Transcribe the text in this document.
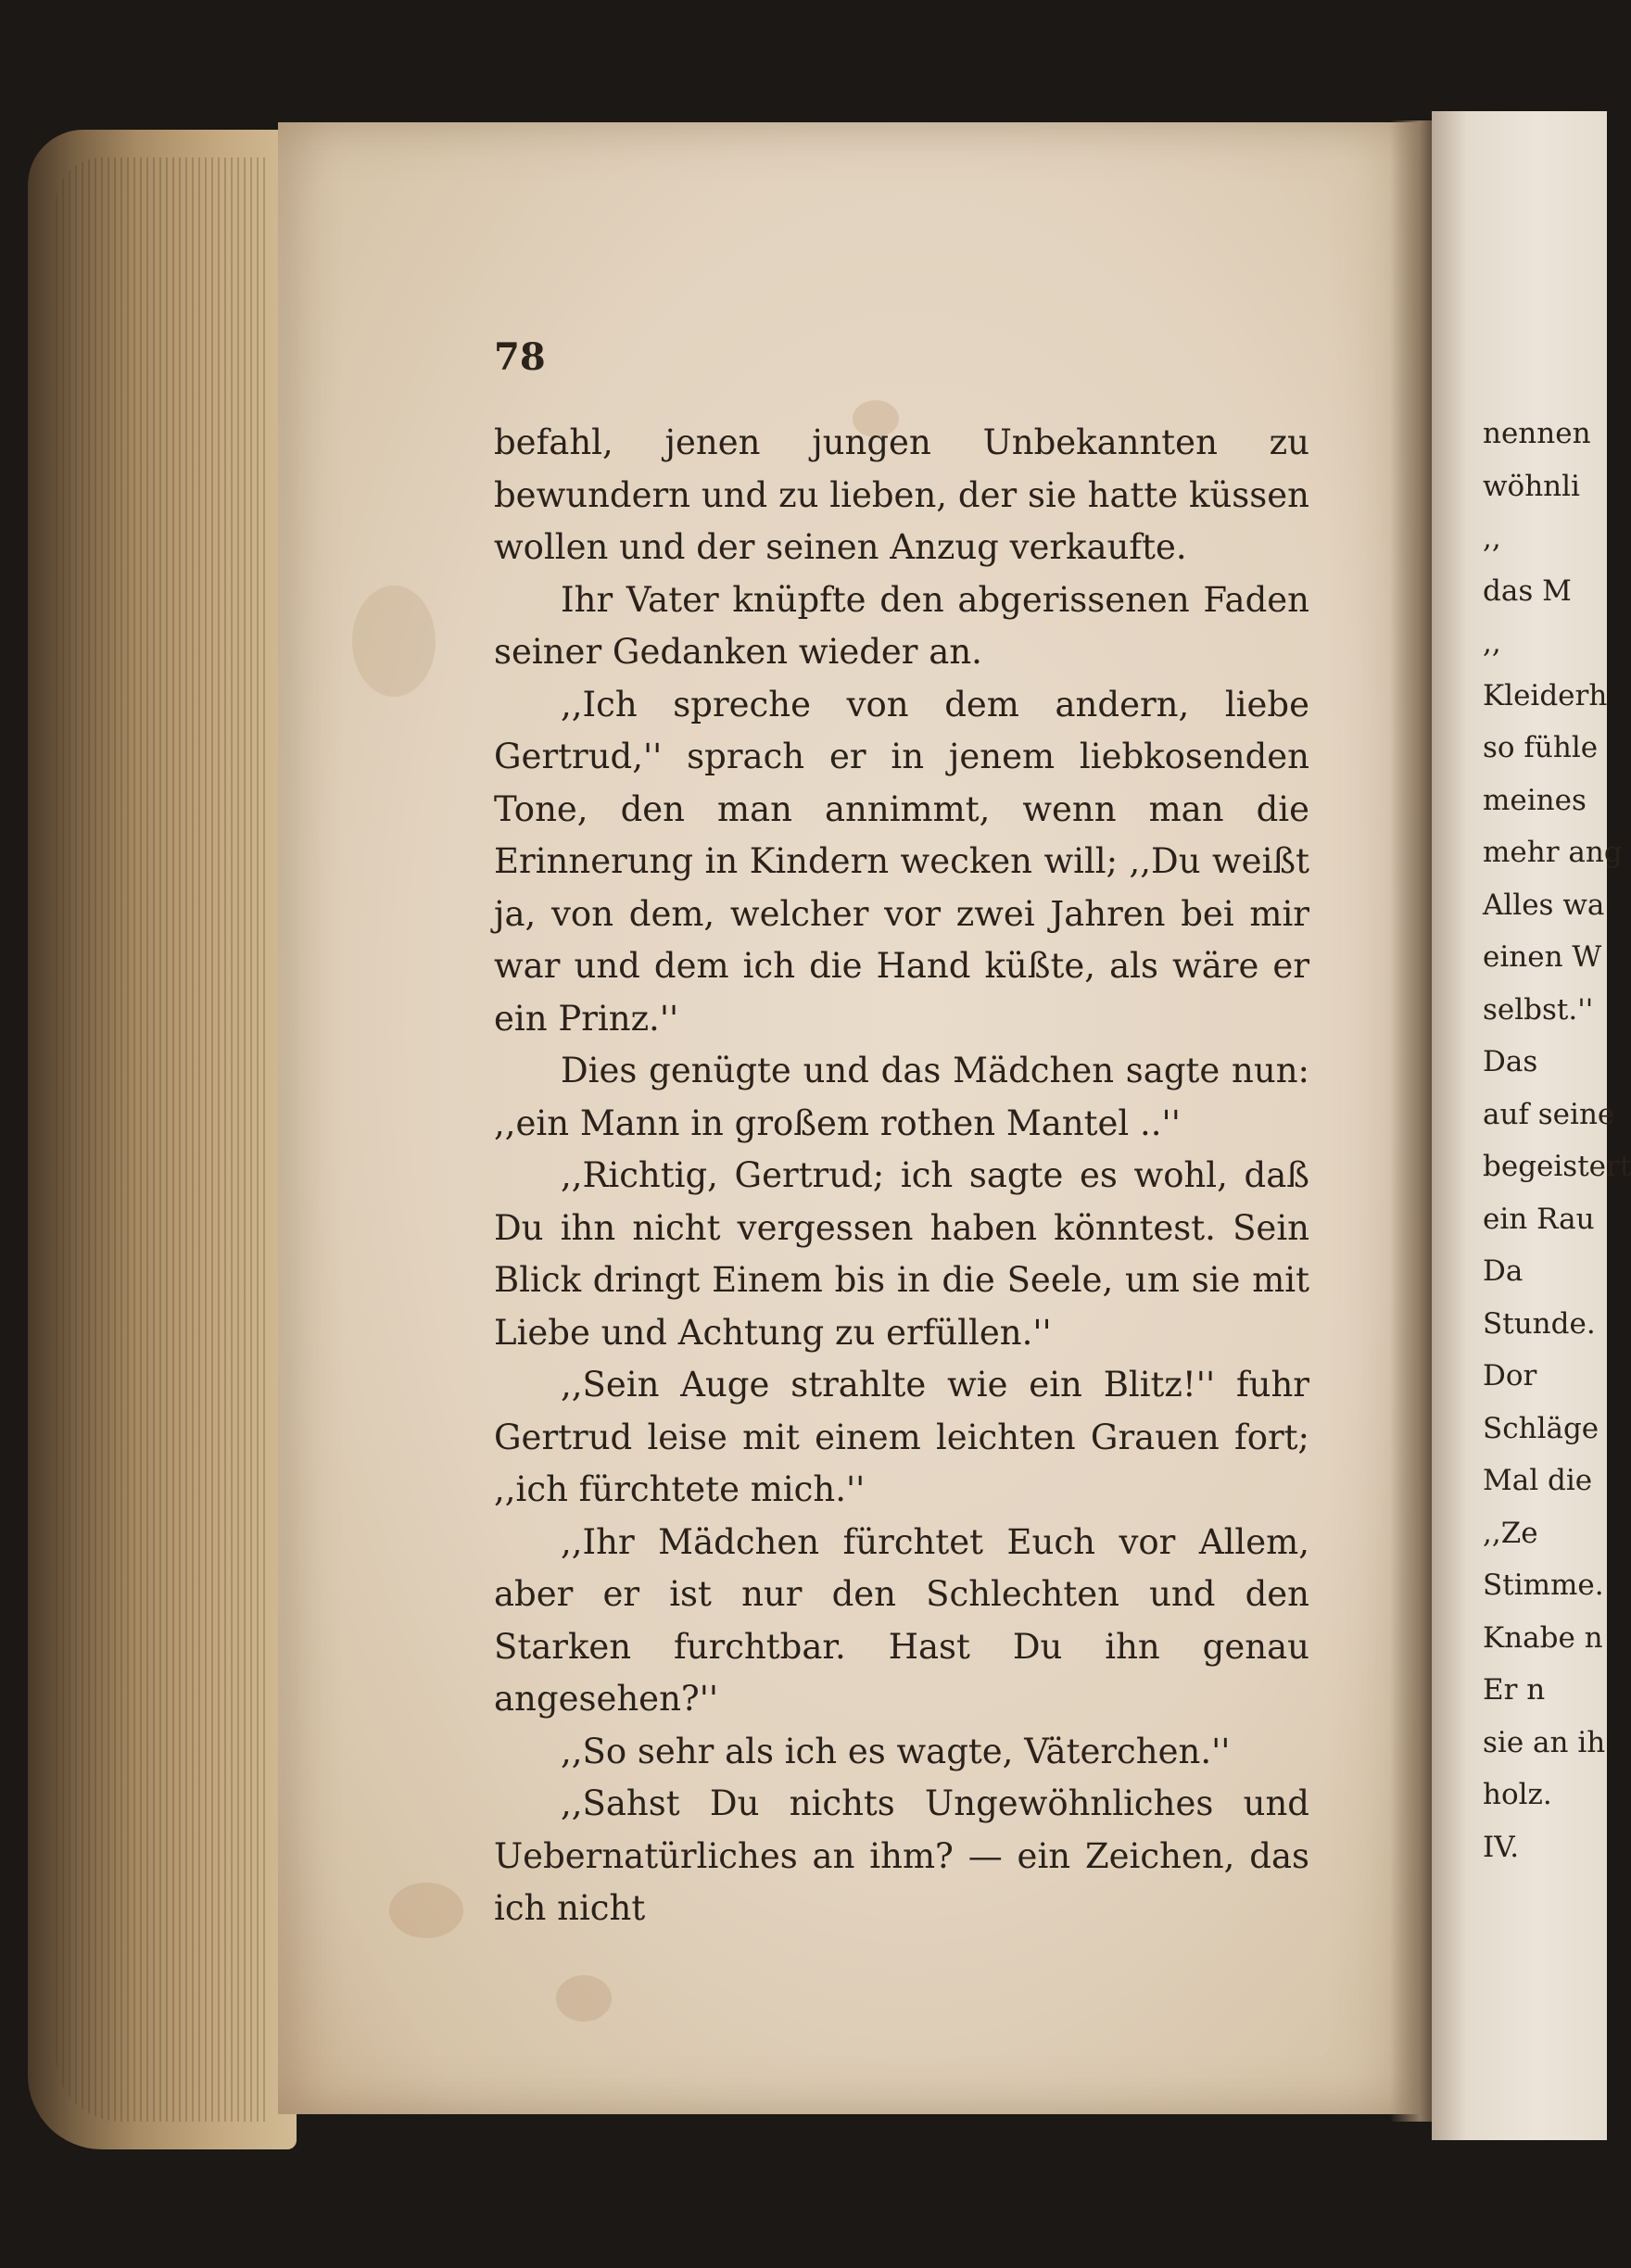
78

befahl, jenen jungen Unbekannten zu bewundern und zu lieben, der sie hatte küssen wollen und der seinen Anzug verkaufte.

Ihr Vater knüpfte den abgerissenen Faden seiner Gedanken wieder an.

,,Ich spreche von dem andern, liebe Gertrud,'' sprach er in jenem liebkosenden Tone, den man annimmt, wenn man die Erinnerung in Kindern wecken will; ,,Du weißt ja, von dem, welcher vor zwei Jahren bei mir war und dem ich die Hand küßte, als wäre er ein Prinz.''

Dies genügte und das Mädchen sagte nun: ,,ein Mann in großem rothen Mantel ..''

,,Richtig, Gertrud; ich sagte es wohl, daß Du ihn nicht vergessen haben könntest. Sein Blick dringt Einem bis in die Seele, um sie mit Liebe und Achtung zu erfüllen.''

,,Sein Auge strahlte wie ein Blitz!'' fuhr Gertrud leise mit einem leichten Grauen fort; ,,ich fürchtete mich.''

,,Ihr Mädchen fürchtet Euch vor Allem, aber er ist nur den Schlechten und den Starken furchtbar. Hast Du ihn genau angesehen?''

,,So sehr als ich es wagte, Väterchen.''

,,Sahst Du nichts Ungewöhnliches und Uebernatürliches an ihm? — ein Zeichen, das ich nicht

nennen
wöhnli
,,
das M
,,
Kleiderh
so fühle
meines
mehr ang
Alles wa
einen W
selbst.''
Das
auf seine
begeistert
ein Rau
Da
Stunde.
Dor
Schläge
Mal die
,,Ze
Stimme.
Knabe n
Er n
sie an ih
holz.
IV.
